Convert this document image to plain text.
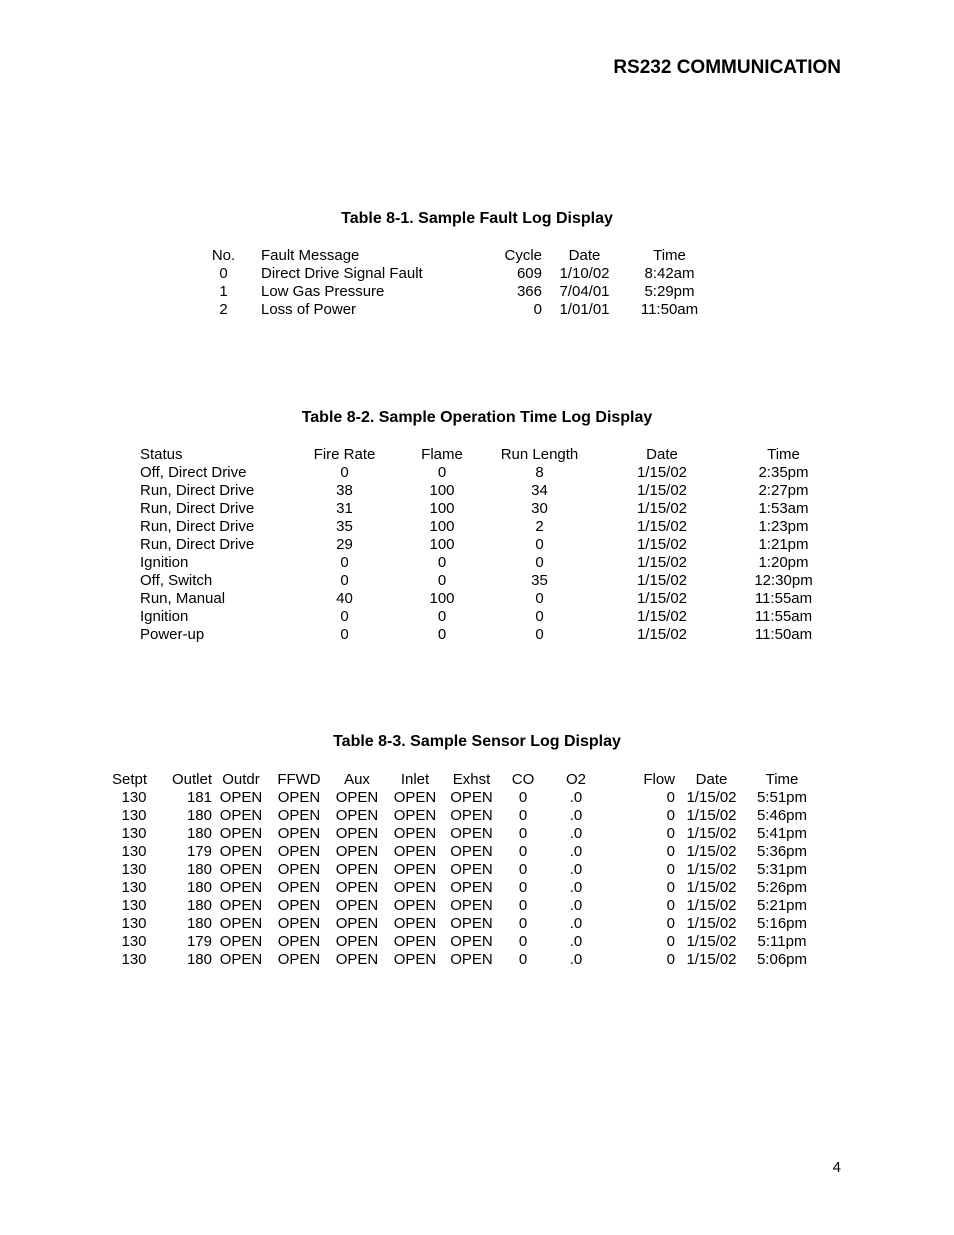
RS232 COMMUNICATION
Table 8-1. Sample Fault Log Display
No.	Fault Message	Cycle	Date	Time
0	Direct Drive Signal Fault	609	1/10/02	8:42am
1	Low Gas Pressure	366	7/04/01	5:29pm
2	Loss of Power	0	1/01/01	11:50am
Table 8-2. Sample Operation Time Log Display
Status	Fire Rate	Flame	Run Length	Date	Time
Off, Direct Drive	0	0	8	1/15/02	2:35pm
Run, Direct Drive	38	100	34	1/15/02	2:27pm
Run, Direct Drive	31	100	30	1/15/02	1:53am
Run, Direct Drive	35	100	2	1/15/02	1:23pm
Run, Direct Drive	29	100	0	1/15/02	1:21pm
Ignition	0	0	0	1/15/02	1:20pm
Off, Switch	0	0	35	1/15/02	12:30pm
Run, Manual	40	100	0	1/15/02	11:55am
Ignition	0	0	0	1/15/02	11:55am
Power-up	0	0	0	1/15/02	11:50am
Table 8-3. Sample Sensor Log Display
Setpt	Outlet	Outdr	FFWD	Aux	Inlet	Exhst	CO	O2	Flow	Date	Time
130	181	OPEN	OPEN	OPEN	OPEN	OPEN	0	.0	0	1/15/02	5:51pm
130	180	OPEN	OPEN	OPEN	OPEN	OPEN	0	.0	0	1/15/02	5:46pm
130	180	OPEN	OPEN	OPEN	OPEN	OPEN	0	.0	0	1/15/02	5:41pm
130	179	OPEN	OPEN	OPEN	OPEN	OPEN	0	.0	0	1/15/02	5:36pm
130	180	OPEN	OPEN	OPEN	OPEN	OPEN	0	.0	0	1/15/02	5:31pm
130	180	OPEN	OPEN	OPEN	OPEN	OPEN	0	.0	0	1/15/02	5:26pm
130	180	OPEN	OPEN	OPEN	OPEN	OPEN	0	.0	0	1/15/02	5:21pm
130	180	OPEN	OPEN	OPEN	OPEN	OPEN	0	.0	0	1/15/02	5:16pm
130	179	OPEN	OPEN	OPEN	OPEN	OPEN	0	.0	0	1/15/02	5:11pm
130	180	OPEN	OPEN	OPEN	OPEN	OPEN	0	.0	0	1/15/02	5:06pm
4
